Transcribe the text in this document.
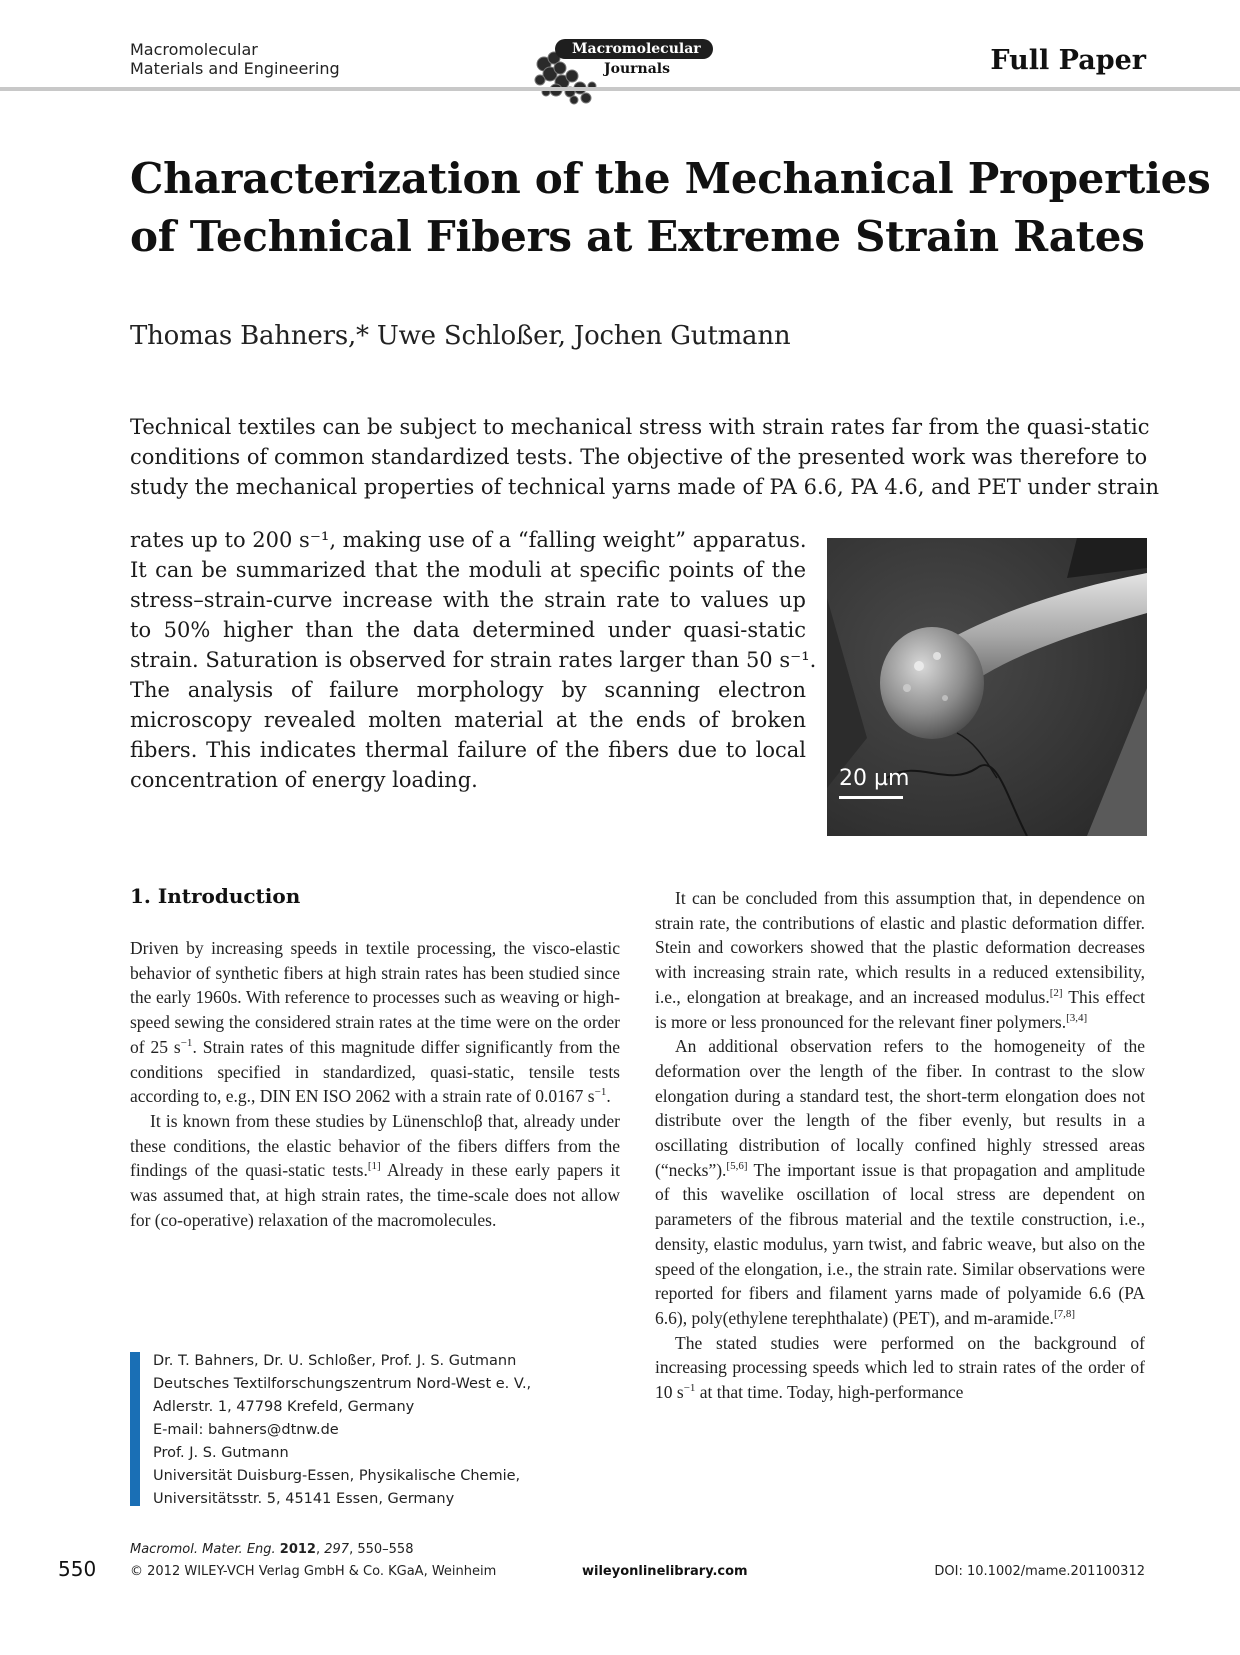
Macromolecular
Materials and Engineering
Macromolecular
Journals	Full Paper
Characterization of the Mechanical Properties
of Technical Fibers at Extreme Strain Rates
Thomas Bahners,* Uwe Schloßer, Jochen Gutmann
Technical textiles can be subject to mechanical stress with strain rates far from the quasi-static
conditions of common standardized tests. The objective of the presented work was therefore to
study the mechanical properties of technical yarns made of PA 6.6, PA 4.6, and PET under strain
rates up to 200 s⁻¹, making use of a “falling weight” apparatus.
It can be summarized that the moduli at specific points of the
stress–strain-curve increase with the strain rate to values up
to 50% higher than the data determined under quasi-static
strain. Saturation is observed for strain rates larger than 50 s⁻¹.
The analysis of failure morphology by scanning electron
microscopy revealed molten material at the ends of broken
fibers. This indicates thermal failure of the fibers due to local
concentration of energy loading.	20 µm
1. Introduction

Driven by increasing speeds in textile processing, the visco-elastic behavior of synthetic fibers at high strain rates has been studied since the early 1960s. With reference to processes such as weaving or high-speed sewing the considered strain rates at the time were on the order of 25 $s^{-1}$. Strain rates of this magnitude differ significantly from the conditions specified in standardized, quasi-static, tensile tests according to, e.g., DIN EN ISO 2062 with a strain rate of 0.0167 $s^{-1}$.

It is known from these studies by Lünenschloβ that, already under these conditions, the elastic behavior of the fibers differs from the findings of the quasi-static tests.[1] Already in these early papers it was assumed that, at high strain rates, the time-scale does not allow for (co-operative) relaxation of the macromolecules.

Dr. T. Bahners, Dr. U. Schloßer, Prof. J. S. Gutmann
Deutsches Textilforschungszentrum Nord-West e. V.,
Adlerstr. 1, 47798 Krefeld, Germany
E-mail: bahners@dtnw.de
Prof. J. S. Gutmann
Universität Duisburg-Essen, Physikalische Chemie,
Universitätsstr. 5, 45141 Essen, Germany

It can be concluded from this assumption that, in dependence on strain rate, the contributions of elastic and plastic deformation differ. Stein and coworkers showed that the plastic deformation decreases with increasing strain rate, which results in a reduced extensibility, i.e., elongation at breakage, and an increased modulus.[2] This effect is more or less pronounced for the relevant finer polymers.[3,4]

An additional observation refers to the homogeneity of the deformation over the length of the fiber. In contrast to the slow elongation during a standard test, the short-term elongation does not distribute over the length of the fiber evenly, but results in a oscillating distribution of locally confined highly stressed areas (“necks”).[5,6] The important issue is that propagation and amplitude of this wavelike oscillation of local stress are dependent on parameters of the fibrous material and the textile construction, i.e., density, elastic modulus, yarn twist, and fabric weave, but also on the speed of the elongation, i.e., the strain rate. Similar observations were reported for fibers and filament yarns made of polyamide 6.6 (PA 6.6), poly(ethylene terephthalate) (PET), and m-aramide.[7,8]

The stated studies were performed on the background of increasing processing speeds which led to strain rates of the order of 10 $s^{-1}$ at that time. Today, high-performance

550
Macromol. Mater. Eng. 2012, 297, 550–558
© 2012 WILEY-VCH Verlag GmbH & Co. KGaA, Weinheim	wileyonlinelibrary.com	DOI: 10.1002/mame.201100312
